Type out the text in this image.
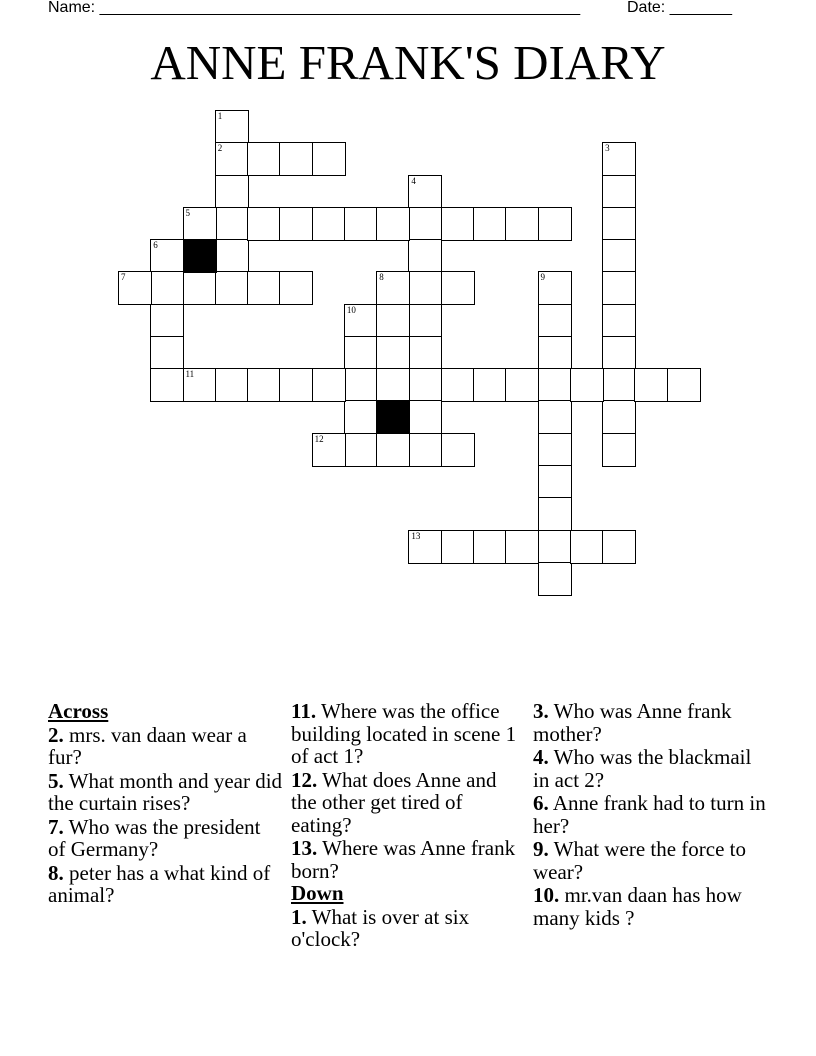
Name: ______________________________________________________	Date: _______
ANNE FRANK'S DIARY
1
2	3
4
6
9
10
8
5
7
11
12
13
Across
2. mrs. van daan wear a fur?
5. What month and year did the curtain rises?
7. Who was the president of Germany?
8. peter has a what kind of animal?
11. Where was the office building located in scene 1 of act 1?
12. What does Anne and the other get tired of eating?
13. Where was Anne frank born?
Down
1. What is over at six o'clock?
3. Who was Anne frank mother?
4. Who was the blackmail in act 2?
6. Anne frank had to turn in her?
9. What were the force to wear?
10. mr.van daan has how many kids ?
